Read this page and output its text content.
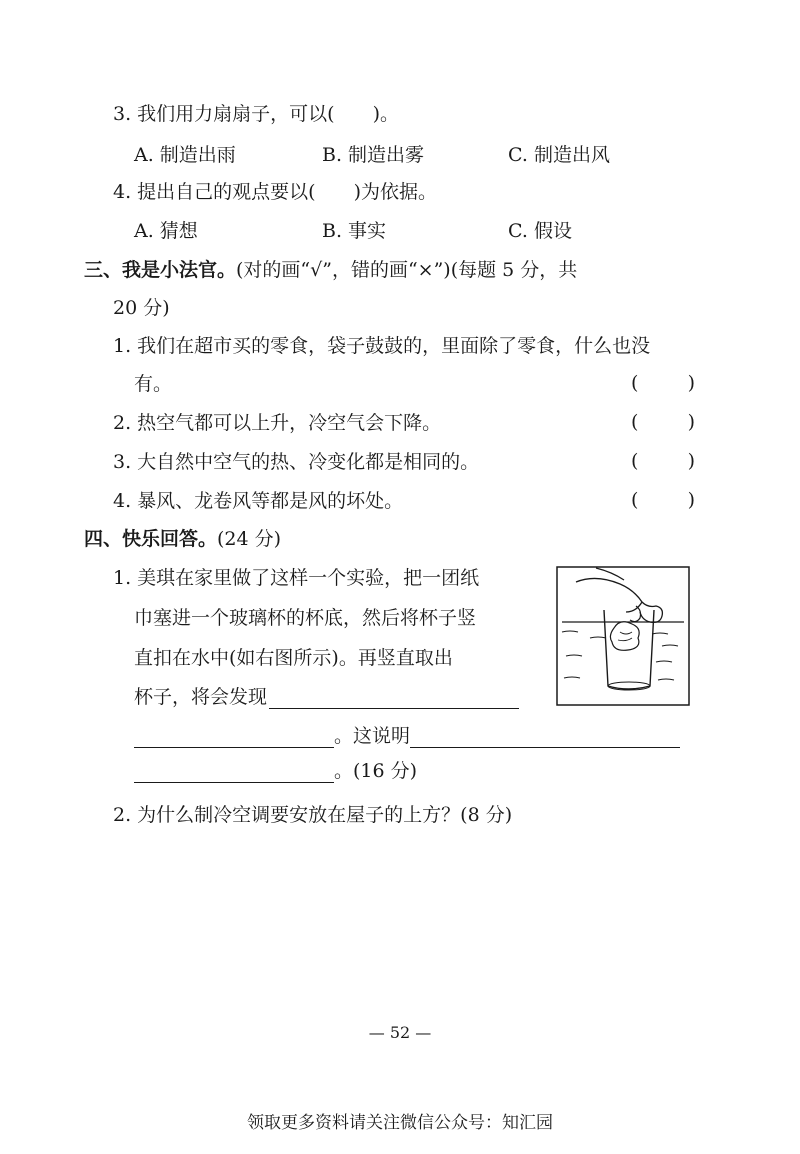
3. 我们用力扇扇子，可以(　　)。
A. 制造出雨	B. 制造出雾	C. 制造出风
4. 提出自己的观点要以(　　)为依据。
A. 猜想	B. 事实	C. 假设
三、我是小法官。(对的画“√”，错的画“×”)(每题 5 分，共
20 分)
1. 我们在超市买的零食，袋子鼓鼓的，里面除了零食，什么也没
有。	(	)
2. 热空气都可以上升，冷空气会下降。	(	)
3. 大自然中空气的热、冷变化都是相同的。	(	)
4. 暴风、龙卷风等都是风的坏处。	(	)
四、快乐回答。(24 分)
1. 美琪在家里做了这样一个实验，把一团纸
巾塞进一个玻璃杯的杯底，然后将杯子竖
直扣在水中(如右图所示)。再竖直取出
杯子，将会发现
。这说明
。(16 分)
2. 为什么制冷空调要安放在屋子的上方？(8 分)
— 52 —
领取更多资料请关注微信公众号：知汇园
